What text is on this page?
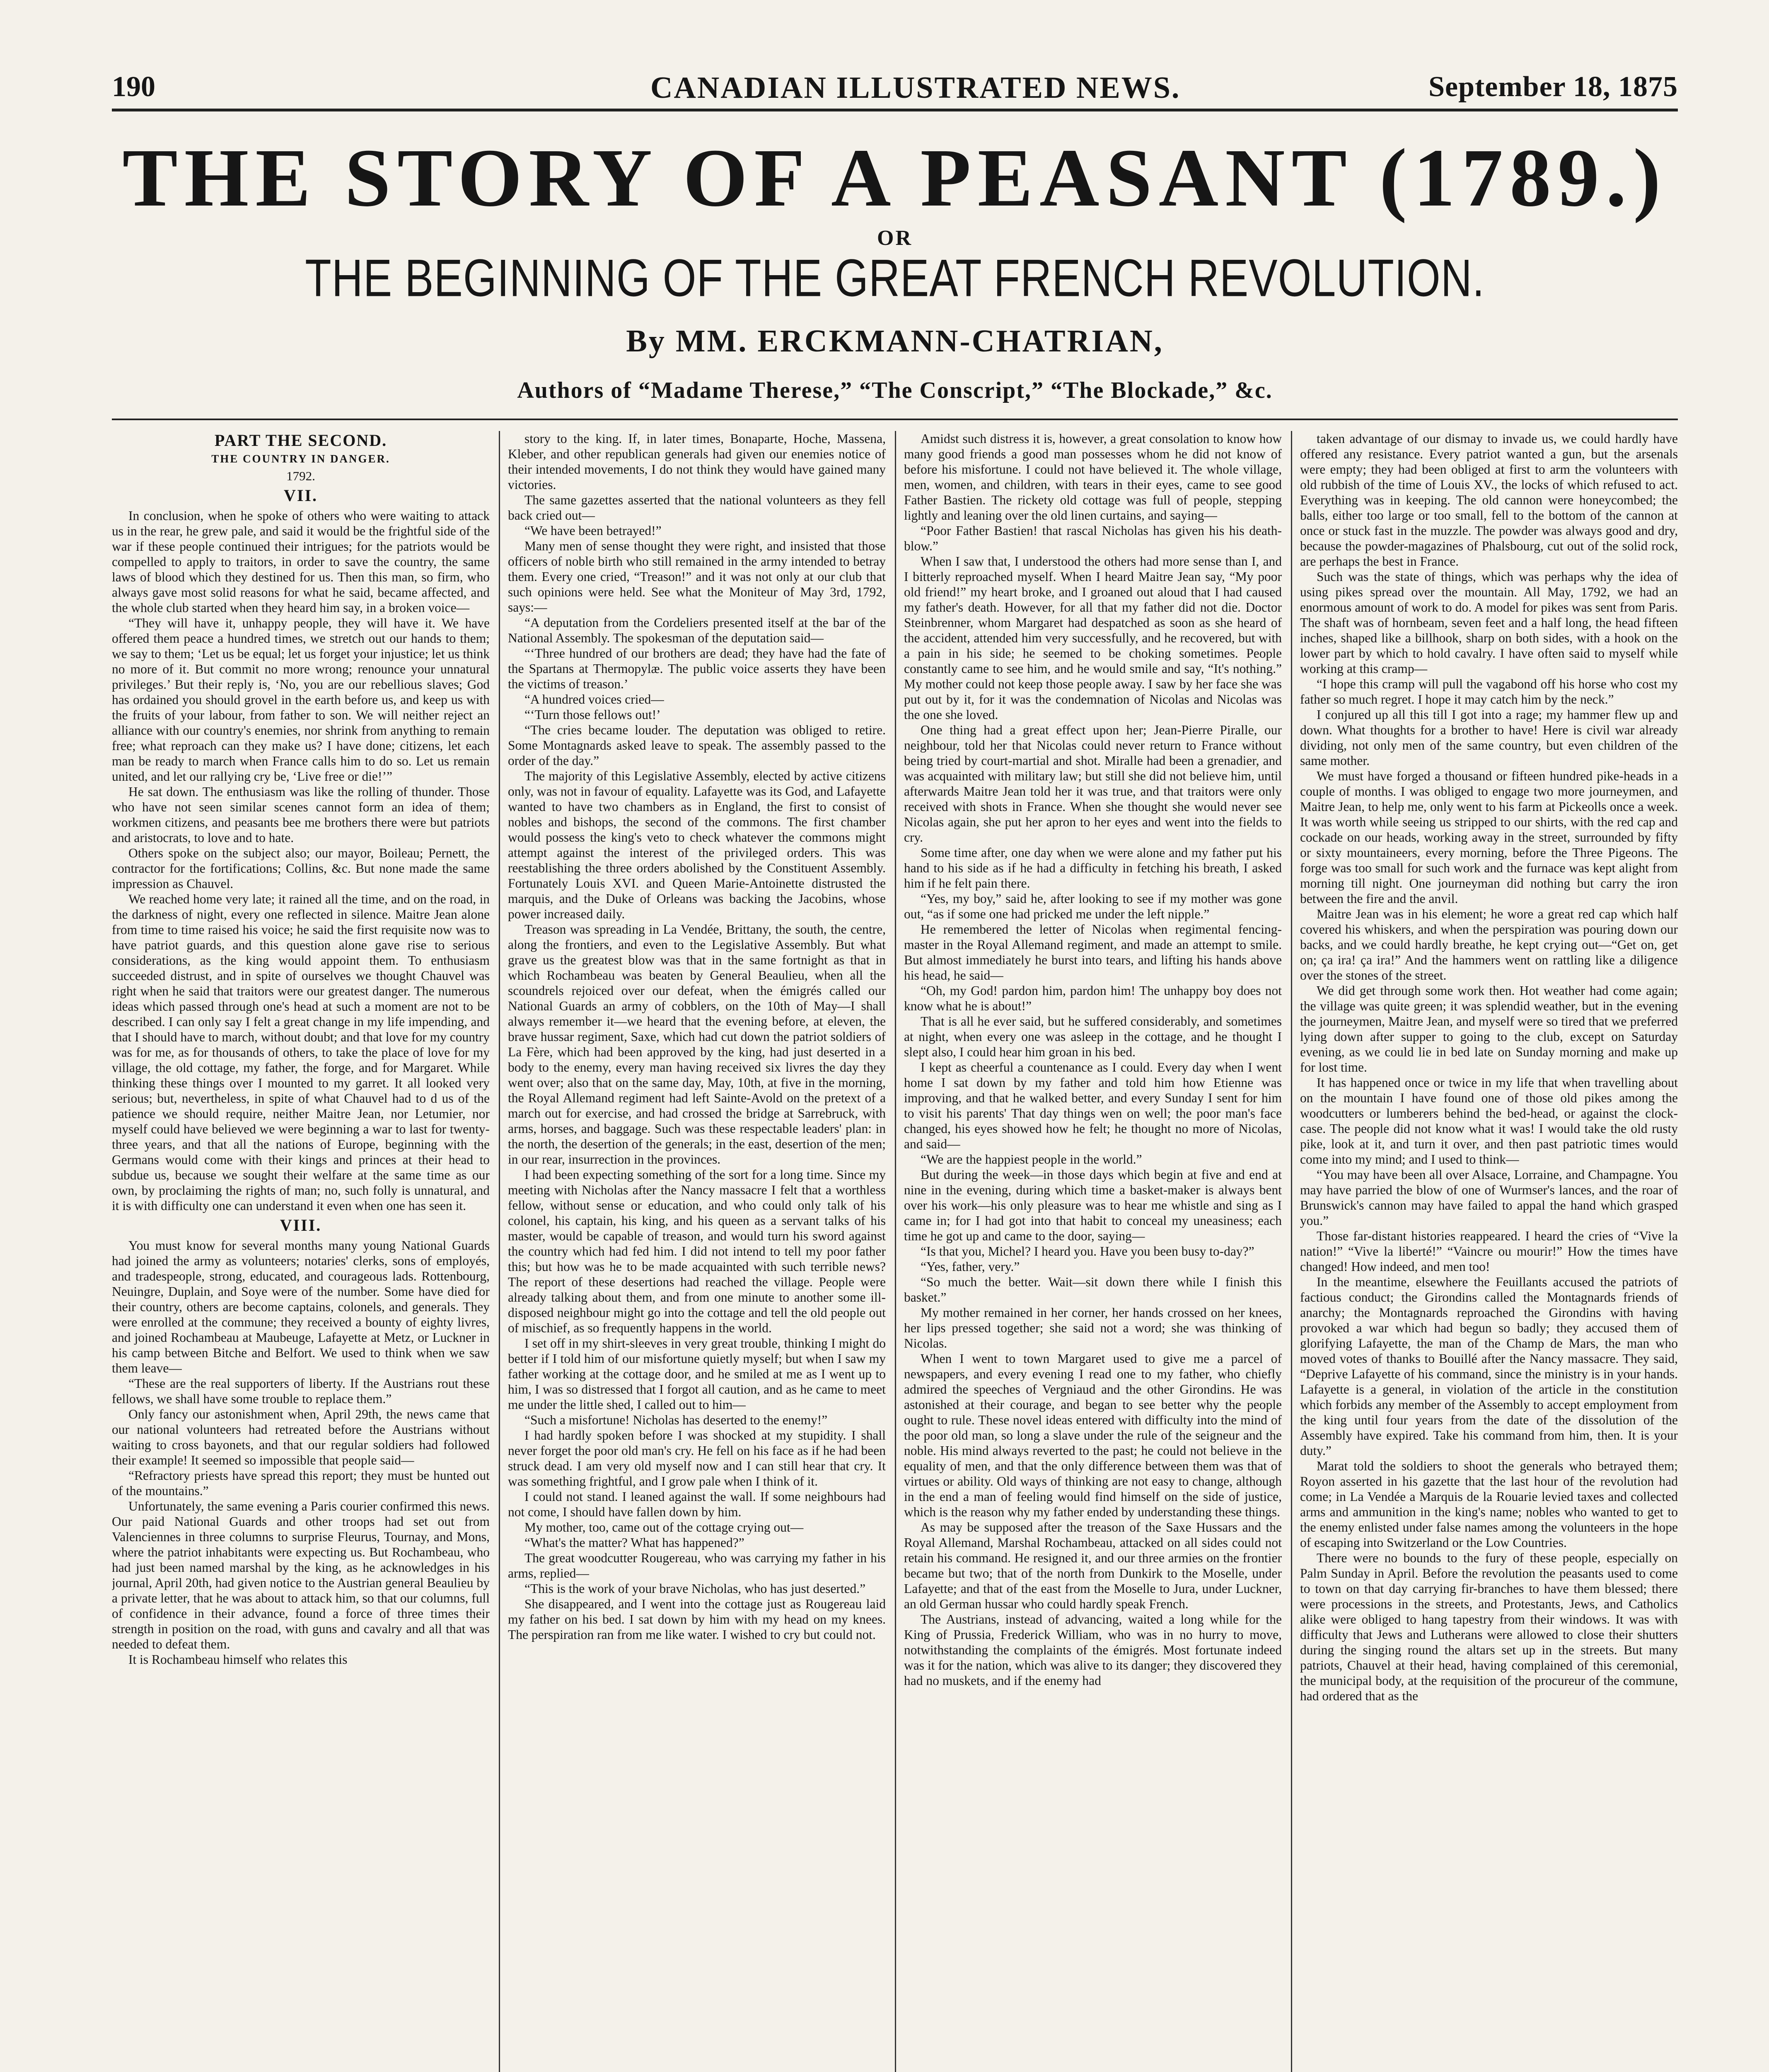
190	CANADIAN ILLUSTRATED NEWS.	September 18, 1875
THE STORY OF A PEASANT (1789.)
OR
THE BEGINNING OF THE GREAT FRENCH REVOLUTION.
By MM. ERCKMANN-CHATRIAN,
Authors of “Madame Therese,” “The Conscript,” “The Blockade,” &c.
PART THE SECOND.
THE COUNTRY IN DANGER.
1792.
VII.

In conclusion, when he spoke of others who were waiting to attack us in the rear, he grew pale, and said it would be the frightful side of the war if these people continued their intrigues; for the patriots would be compelled to apply to traitors, in order to save the country, the same laws of blood which they destined for us. Then this man, so firm, who always gave most solid reasons for what he said, became affected, and the whole club started when they heard him say, in a broken voice—

“They will have it, unhappy people, they will have it. We have offered them peace a hundred times, we stretch out our hands to them; we say to them; ‘Let us be equal; let us forget your injustice; let us think no more of it. But commit no more wrong; renounce your unnatural privileges.’ But their reply is, ‘No, you are our rebellious slaves; God has ordained you should grovel in the earth before us, and keep us with the fruits of your labour, from father to son. We will neither reject an alliance with our country's enemies, nor shrink from anything to remain free; what reproach can they make us? I have done; citizens, let each man be ready to march when France calls him to do so. Let us remain united, and let our rallying cry be, ‘Live free or die!’”

He sat down. The enthusiasm was like the rolling of thunder. Those who have not seen similar scenes cannot form an idea of them; workmen citizens, and peasants bee me brothers there were but patriots and aristocrats, to love and to hate.

Others spoke on the subject also; our mayor, Boileau; Pernett, the contractor for the fortifications; Collins, &c. But none made the same impression as Chauvel.

We reached home very late; it rained all the time, and on the road, in the darkness of night, every one reflected in silence. Maitre Jean alone from time to time raised his voice; he said the first requisite now was to have patriot guards, and this question alone gave rise to serious considerations, as the king would appoint them. To enthusiasm succeeded distrust, and in spite of ourselves we thought Chauvel was right when he said that traitors were our greatest danger. The numerous ideas which passed through one's head at such a moment are not to be described. I can only say I felt a great change in my life impending, and that I should have to march, without doubt; and that love for my country was for me, as for thousands of others, to take the place of love for my village, the old cottage, my father, the forge, and for Margaret. While thinking these things over I mounted to my garret. It all looked very serious; but, nevertheless, in spite of what Chauvel had to d us of the patience we should require, neither Maitre Jean, nor Letumier, nor myself could have believed we were beginning a war to last for twenty-three years, and that all the nations of Europe, beginning with the Germans would come with their kings and princes at their head to subdue us, because we sought their welfare at the same time as our own, by proclaiming the rights of man; no, such folly is unnatural, and it is with difficulty one can understand it even when one has seen it.

VIII.

You must know for several months many young National Guards had joined the army as volunteers; notaries' clerks, sons of employés, and tradespeople, strong, educated, and courageous lads. Rottenbourg, Neuingre, Duplain, and Soye were of the number. Some have died for their country, others are become captains, colonels, and generals. They were enrolled at the commune; they received a bounty of eighty livres, and joined Rochambeau at Maubeuge, Lafayette at Metz, or Luckner in his camp between Bitche and Belfort. We used to think when we saw them leave—

“These are the real supporters of liberty. If the Austrians rout these fellows, we shall have some trouble to replace them.”

Only fancy our astonishment when, April 29th, the news came that our national volunteers had retreated before the Austrians without waiting to cross bayonets, and that our regular soldiers had followed their example! It seemed so impossible that people said—

“Refractory priests have spread this report; they must be hunted out of the mountains.”

Unfortunately, the same evening a Paris courier confirmed this news. Our paid National Guards and other troops had set out from Valenciennes in three columns to surprise Fleurus, Tournay, and Mons, where the patriot inhabitants were expecting us. But Rochambeau, who had just been named marshal by the king, as he acknowledges in his journal, April 20th, had given notice to the Austrian general Beaulieu by a private letter, that he was about to attack him, so that our columns, full of confidence in their advance, found a force of three times their strength in position on the road, with guns and cavalry and all that was needed to defeat them.

It is Rochambeau himself who relates this

story to the king. If, in later times, Bonaparte, Hoche, Massena, Kleber, and other republican generals had given our enemies notice of their intended movements, I do not think they would have gained many victories.

The same gazettes asserted that the national volunteers as they fell back cried out—

“We have been betrayed!”

Many men of sense thought they were right, and insisted that those officers of noble birth who still remained in the army intended to betray them. Every one cried, “Treason!” and it was not only at our club that such opinions were held. See what the Moniteur of May 3rd, 1792, says:—

“A deputation from the Cordeliers presented itself at the bar of the National Assembly. The spokesman of the deputation said—

“‘Three hundred of our brothers are dead; they have had the fate of the Spartans at Thermopylæ. The public voice asserts they have been the victims of treason.’

“A hundred voices cried—

“‘Turn those fellows out!’

“The cries became louder. The deputation was obliged to retire. Some Montagnards asked leave to speak. The assembly passed to the order of the day.”

The majority of this Legislative Assembly, elected by active citizens only, was not in favour of equality. Lafayette was its God, and Lafayette wanted to have two chambers as in England, the first to consist of nobles and bishops, the second of the commons. The first chamber would possess the king's veto to check whatever the commons might attempt against the interest of the privileged orders. This was reestablishing the three orders abolished by the Constituent Assembly. Fortunately Louis XVI. and Queen Marie-Antoinette distrusted the marquis, and the Duke of Orleans was backing the Jacobins, whose power increased daily.

Treason was spreading in La Vendée, Brittany, the south, the centre, along the frontiers, and even to the Legislative Assembly. But what grave us the greatest blow was that in the same fortnight as that in which Rochambeau was beaten by General Beaulieu, when all the scoundrels rejoiced over our defeat, when the émigrés called our National Guards an army of cobblers, on the 10th of May—I shall always remember it—we heard that the evening before, at eleven, the brave hussar regiment, Saxe, which had cut down the patriot soldiers of La Fère, which had been approved by the king, had just deserted in a body to the enemy, every man having received six livres the day they went over; also that on the same day, May, 10th, at five in the morning, the Royal Allemand regiment had left Sainte-Avold on the pretext of a march out for exercise, and had crossed the bridge at Sarrebruck, with arms, horses, and baggage. Such was these respectable leaders' plan: in the north, the desertion of the generals; in the east, desertion of the men; in our rear, insurrection in the provinces.

I had been expecting something of the sort for a long time. Since my meeting with Nicholas after the Nancy massacre I felt that a worthless fellow, without sense or education, and who could only talk of his colonel, his captain, his king, and his queen as a servant talks of his master, would be capable of treason, and would turn his sword against the country which had fed him. I did not intend to tell my poor father this; but how was he to be made acquainted with such terrible news? The report of these desertions had reached the village. People were already talking about them, and from one minute to another some ill-disposed neighbour might go into the cottage and tell the old people out of mischief, as so frequently happens in the world.

I set off in my shirt-sleeves in very great trouble, thinking I might do better if I told him of our misfortune quietly myself; but when I saw my father working at the cottage door, and he smiled at me as I went up to him, I was so distressed that I forgot all caution, and as he came to meet me under the little shed, I called out to him—

“Such a misfortune! Nicholas has deserted to the enemy!”

I had hardly spoken before I was shocked at my stupidity. I shall never forget the poor old man's cry. He fell on his face as if he had been struck dead. I am very old myself now and I can still hear that cry. It was something frightful, and I grow pale when I think of it.

I could not stand. I leaned against the wall. If some neighbours had not come, I should have fallen down by him.

My mother, too, came out of the cottage crying out—

“What's the matter? What has happened?”

The great woodcutter Rougereau, who was carrying my father in his arms, replied—

“This is the work of your brave Nicholas, who has just deserted.”

She disappeared, and I went into the cottage just as Rougereau laid my father on his bed. I sat down by him with my head on my knees. The perspiration ran from me like water. I wished to cry but could not.

Amidst such distress it is, however, a great consolation to know how many good friends a good man possesses whom he did not know of before his misfortune. I could not have believed it. The whole village, men, women, and children, with tears in their eyes, came to see good Father Bastien. The rickety old cottage was full of people, stepping lightly and leaning over the old linen curtains, and saying—

“Poor Father Bastien! that rascal Nicholas has given his his death-blow.”

When I saw that, I understood the others had more sense than I, and I bitterly reproached myself. When I heard Maitre Jean say, “My poor old friend!” my heart broke, and I groaned out aloud that I had caused my father's death. However, for all that my father did not die. Doctor Steinbrenner, whom Margaret had despatched as soon as she heard of the accident, attended him very successfully, and he recovered, but with a pain in his side; he seemed to be choking sometimes. People constantly came to see him, and he would smile and say, “It's nothing.” My mother could not keep those people away. I saw by her face she was put out by it, for it was the condemnation of Nicolas and Nicolas was the one she loved.

One thing had a great effect upon her; Jean-Pierre Piralle, our neighbour, told her that Nicolas could never return to France without being tried by court-martial and shot. Miralle had been a grenadier, and was acquainted with military law; but still she did not believe him, until afterwards Maitre Jean told her it was true, and that traitors were only received with shots in France. When she thought she would never see Nicolas again, she put her apron to her eyes and went into the fields to cry.

Some time after, one day when we were alone and my father put his hand to his side as if he had a difficulty in fetching his breath, I asked him if he felt pain there.

“Yes, my boy,” said he, after looking to see if my mother was gone out, “as if some one had pricked me under the left nipple.”

He remembered the letter of Nicolas when regimental fencing-master in the Royal Allemand regiment, and made an attempt to smile. But almost immediately he burst into tears, and lifting his hands above his head, he said—

“Oh, my God! pardon him, pardon him! The unhappy boy does not know what he is about!”

That is all he ever said, but he suffered considerably, and sometimes at night, when every one was asleep in the cottage, and he thought I slept also, I could hear him groan in his bed.

I kept as cheerful a countenance as I could. Every day when I went home I sat down by my father and told him how Etienne was improving, and that he walked better, and every Sunday I sent for him to visit his parents' That day things wen on well; the poor man's face changed, his eyes showed how he felt; he thought no more of Nicolas, and said—

“We are the happiest people in the world.”

But during the week—in those days which begin at five and end at nine in the evening, during which time a basket-maker is always bent over his work—his only pleasure was to hear me whistle and sing as I came in; for I had got into that habit to conceal my uneasiness; each time he got up and came to the door, saying—

“Is that you, Michel? I heard you. Have you been busy to-day?”

“Yes, father, very.”

“So much the better. Wait—sit down there while I finish this basket.”

My mother remained in her corner, her hands crossed on her knees, her lips pressed together; she said not a word; she was thinking of Nicolas.

When I went to town Margaret used to give me a parcel of newspapers, and every evening I read one to my father, who chiefly admired the speeches of Vergniaud and the other Girondins. He was astonished at their courage, and began to see better why the people ought to rule. These novel ideas entered with difficulty into the mind of the poor old man, so long a slave under the rule of the seigneur and the noble. His mind always reverted to the past; he could not believe in the equality of men, and that the only difference between them was that of virtues or ability. Old ways of thinking are not easy to change, although in the end a man of feeling would find himself on the side of justice, which is the reason why my father ended by understanding these things.

As may be supposed after the treason of the Saxe Hussars and the Royal Allemand, Marshal Rochambeau, attacked on all sides could not retain his command. He resigned it, and our three armies on the frontier became but two; that of the north from Dunkirk to the Moselle, under Lafayette; and that of the east from the Moselle to Jura, under Luckner, an old German hussar who could hardly speak French.

The Austrians, instead of advancing, waited a long while for the King of Prussia, Frederick William, who was in no hurry to move, notwithstanding the complaints of the émigrés. Most fortunate indeed was it for the nation, which was alive to its danger; they discovered they had no muskets, and if the enemy had

taken advantage of our dismay to invade us, we could hardly have offered any resistance. Every patriot wanted a gun, but the arsenals were empty; they had been obliged at first to arm the volunteers with old rubbish of the time of Louis XV., the locks of which refused to act. Everything was in keeping. The old cannon were honeycombed; the balls, either too large or too small, fell to the bottom of the cannon at once or stuck fast in the muzzle. The powder was always good and dry, because the powder-magazines of Phalsbourg, cut out of the solid rock, are perhaps the best in France.

Such was the state of things, which was perhaps why the idea of using pikes spread over the mountain. All May, 1792, we had an enormous amount of work to do. A model for pikes was sent from Paris. The shaft was of hornbeam, seven feet and a half long, the head fifteen inches, shaped like a billhook, sharp on both sides, with a hook on the lower part by which to hold cavalry. I have often said to myself while working at this cramp—

“I hope this cramp will pull the vagabond off his horse who cost my father so much regret. I hope it may catch him by the neck.”

I conjured up all this till I got into a rage; my hammer flew up and down. What thoughts for a brother to have! Here is civil war already dividing, not only men of the same country, but even children of the same mother.

We must have forged a thousand or fifteen hundred pike-heads in a couple of months. I was obliged to engage two more journeymen, and Maitre Jean, to help me, only went to his farm at Pickeolls once a week. It was worth while seeing us stripped to our shirts, with the red cap and cockade on our heads, working away in the street, surrounded by fifty or sixty mountaineers, every morning, before the Three Pigeons. The forge was too small for such work and the furnace was kept alight from morning till night. One journeyman did nothing but carry the iron between the fire and the anvil.

Maitre Jean was in his element; he wore a great red cap which half covered his whiskers, and when the perspiration was pouring down our backs, and we could hardly breathe, he kept crying out—“Get on, get on; ça ira! ça ira!” And the hammers went on rattling like a diligence over the stones of the street.

We did get through some work then. Hot weather had come again; the village was quite green; it was splendid weather, but in the evening the journeymen, Maitre Jean, and myself were so tired that we preferred lying down after supper to going to the club, except on Saturday evening, as we could lie in bed late on Sunday morning and make up for lost time.

It has happened once or twice in my life that when travelling about on the mountain I have found one of those old pikes among the woodcutters or lumberers behind the bed-head, or against the clock-case. The people did not know what it was! I would take the old rusty pike, look at it, and turn it over, and then past patriotic times would come into my mind; and I used to think—

“You may have been all over Alsace, Lorraine, and Champagne. You may have parried the blow of one of Wurmser's lances, and the roar of Brunswick's cannon may have failed to appal the hand which grasped you.”

Those far-distant histories reappeared. I heard the cries of “Vive la nation!” “Vive la liberté!” “Vaincre ou mourir!” How the times have changed! How indeed, and men too!

In the meantime, elsewhere the Feuillants accused the patriots of factious conduct; the Girondins called the Montagnards friends of anarchy; the Montagnards reproached the Girondins with having provoked a war which had begun so badly; they accused them of glorifying Lafayette, the man of the Champ de Mars, the man who moved votes of thanks to Bouillé after the Nancy massacre. They said, “Deprive Lafayette of his command, since the ministry is in your hands. Lafayette is a general, in violation of the article in the constitution which forbids any member of the Assembly to accept employment from the king until four years from the date of the dissolution of the Assembly have expired. Take his command from him, then. It is your duty.”

Marat told the soldiers to shoot the generals who betrayed them; Royon asserted in his gazette that the last hour of the revolution had come; in La Vendée a Marquis de la Rouarie levied taxes and collected arms and ammunition in the king's name; nobles who wanted to get to the enemy enlisted under false names among the volunteers in the hope of escaping into Switzerland or the Low Countries.

There were no bounds to the fury of these people, especially on Palm Sunday in April. Before the revolution the peasants used to come to town on that day carrying fir-branches to have them blessed; there were processions in the streets, and Protestants, Jews, and Catholics alike were obliged to hang tapestry from their windows. It was with difficulty that Jews and Lutherans were allowed to close their shutters during the singing round the altars set up in the streets. But many patriots, Chauvel at their head, having complained of this ceremonial, the municipal body, at the requisition of the procureur of the commune, had ordered that as the
